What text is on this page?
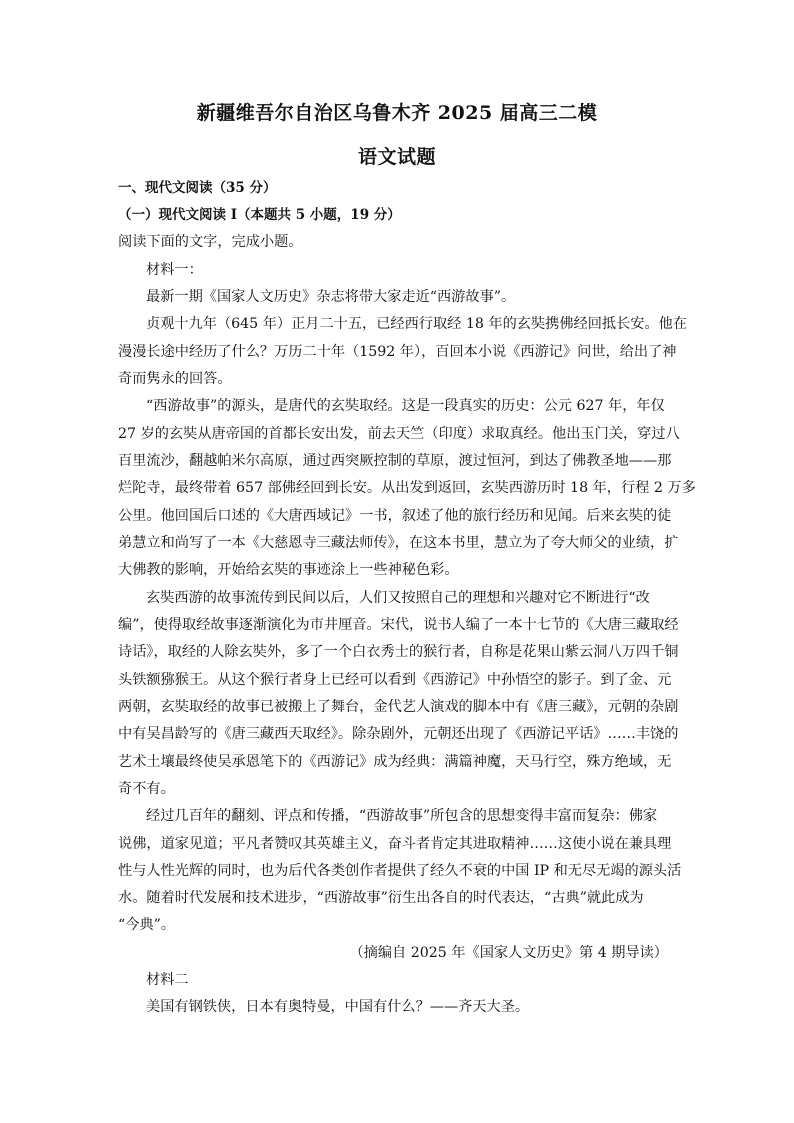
新疆维吾尔自治区乌鲁木齐 2025 届高三二模
语文试题
一、现代文阅读（35 分）
（一）现代文阅读 I（本题共 5 小题，19 分）
阅读下面的文字，完成小题。
材料一：
最新一期《国家人文历史》杂志将带大家走近“西游故事”。
贞观十九年（645 年）正月二十五，已经西行取经 18 年的玄奘携佛经回抵长安。他在
漫漫长途中经历了什么？万历二十年（1592 年），百回本小说《西游记》问世，给出了神
奇而隽永的回答。
“西游故事”的源头，是唐代的玄奘取经。这是一段真实的历史：公元 627 年，年仅
27 岁的玄奘从唐帝国的首都长安出发，前去天竺（印度）求取真经。他出玉门关，穿过八
百里流沙，翻越帕米尔高原，通过西突厥控制的草原，渡过恒河，到达了佛教圣地——那
烂陀寺，最终带着 657 部佛经回到长安。从出发到返回，玄奘西游历时 18 年，行程 2 万多
公里。他回国后口述的《大唐西域记》一书，叙述了他的旅行经历和见闻。后来玄奘的徒
弟慧立和尚写了一本《大慈恩寺三藏法师传》，在这本书里，慧立为了夸大师父的业绩，扩
大佛教的影响，开始给玄奘的事迹涂上一些神秘色彩。
玄奘西游的故事流传到民间以后，人们又按照自己的理想和兴趣对它不断进行“改
编”，使得取经故事逐渐演化为市井厘音。宋代，说书人编了一本十七节的《大唐三藏取经
诗话》，取经的人除玄奘外，多了一个白衣秀士的猴行者，自称是花果山紫云洞八万四千铜
头铁额猕猴王。从这个猴行者身上已经可以看到《西游记》中孙悟空的影子。到了金、元
两朝，玄奘取经的故事已被搬上了舞台，金代艺人演戏的脚本中有《唐三藏》，元朝的杂剧
中有吴昌龄写的《唐三藏西天取经》。除杂剧外，元朝还出现了《西游记平话》……丰饶的
艺术土壤最终使吴承恩笔下的《西游记》成为经典：满篇神魔，天马行空，殊方绝域，无
奇不有。
经过几百年的翻刻、评点和传播，“西游故事”所包含的思想变得丰富而复杂：佛家
说佛，道家见道；平凡者赞叹其英雄主义，奋斗者肯定其进取精神……这使小说在兼具理
性与人性光辉的同时，也为后代各类创作者提供了经久不衰的中国 IP 和无尽无竭的源头活
水。随着时代发展和技术进步，“西游故事”衍生出各自的时代表达，“古典”就此成为
“今典”。
（摘编自 2025 年《国家人文历史》第 4 期导读）
材料二
美国有钢铁侠，日本有奥特曼，中国有什么？——齐天大圣。
